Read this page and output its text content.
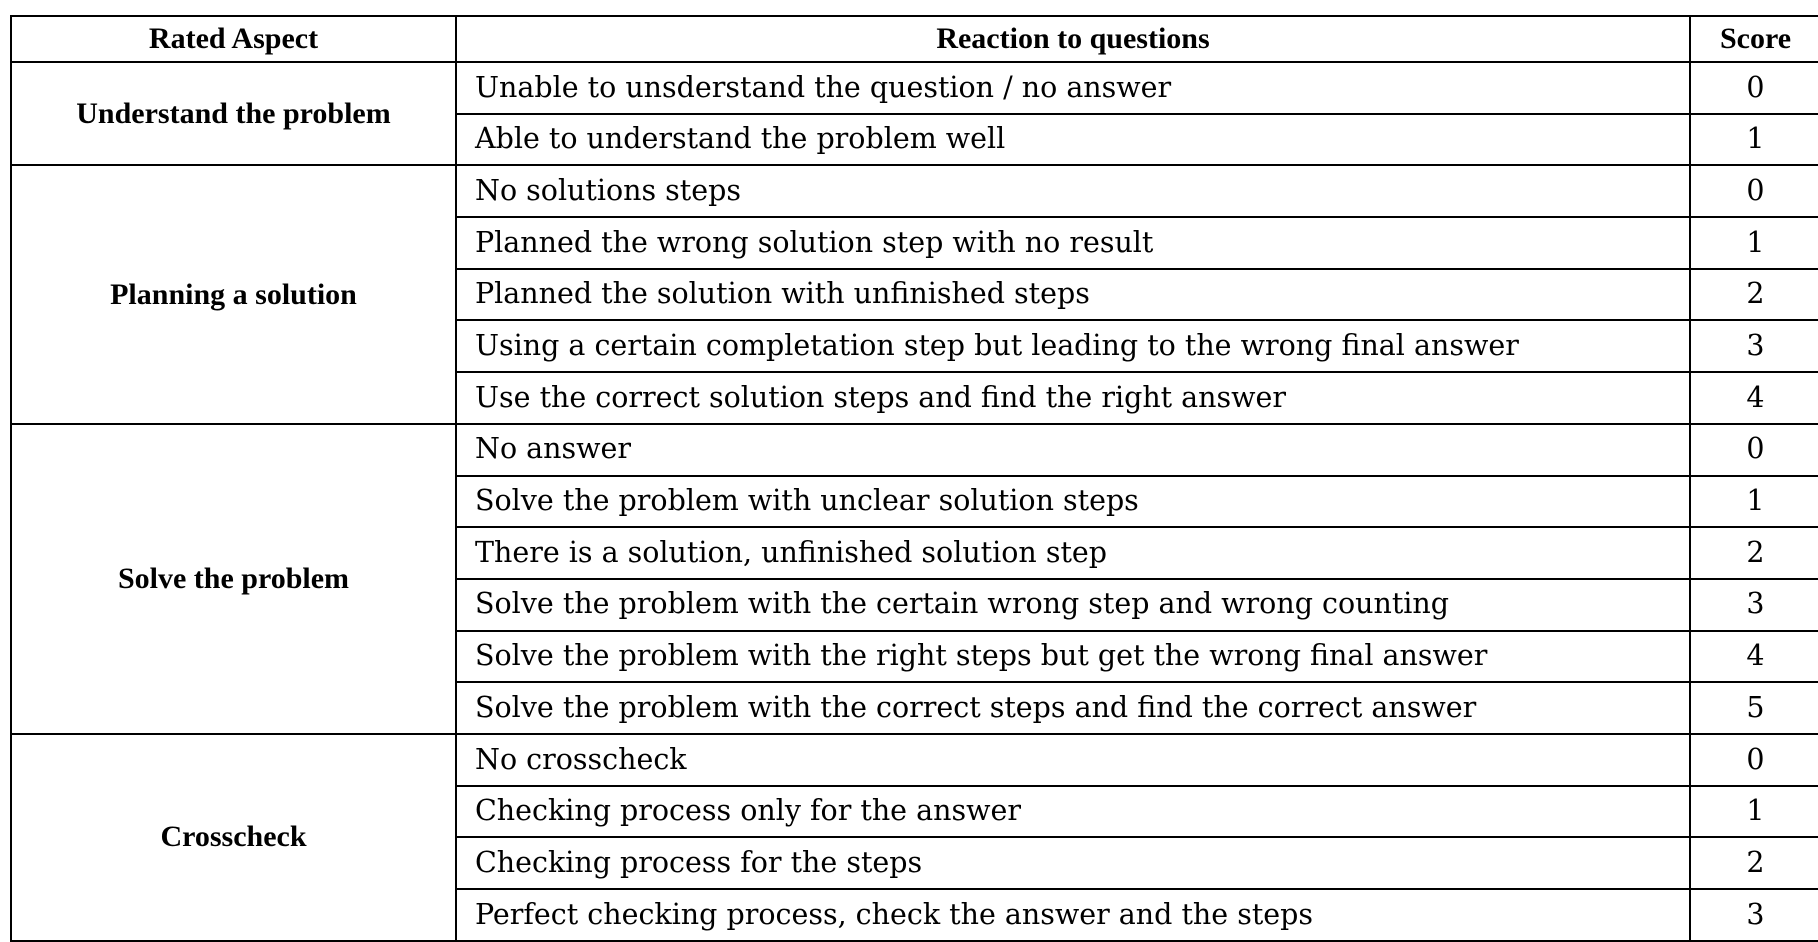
Rated Aspect	Reaction to questions	Score
Understand the problem	Unable to unsderstand the question / no answer	0
	Able to understand the problem well	1
Planning a solution	No solutions steps	0
	Planned the wrong solution step with no result	1
	Planned the solution with unfinished steps	2
	Using a certain completation step but leading to the wrong final answer	3
	Use the correct solution steps and find the right answer	4
Solve the problem	No answer	0
	Solve the problem with unclear solution steps	1
	There is a solution, unfinished solution step	2
	Solve the problem with the certain wrong step and wrong counting	3
	Solve the problem with the right steps but get the wrong final answer	4
	Solve the problem with the correct steps and find the correct answer	5
Crosscheck	No crosscheck	0
	Checking process only for the answer	1
	Checking process for the steps	2
	Perfect checking process, check the answer and the steps	3
